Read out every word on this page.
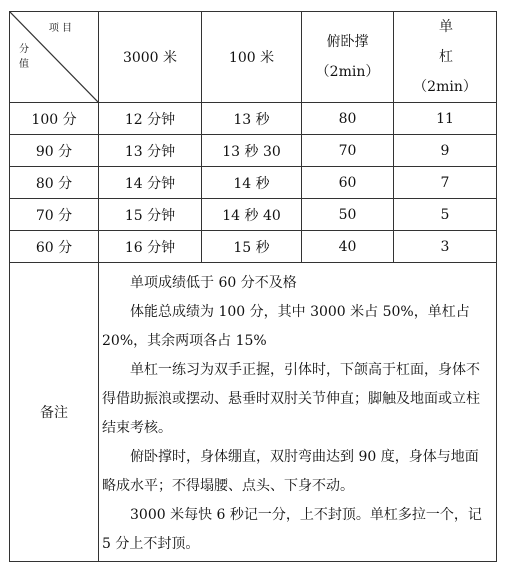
项 目
分
值	3000 米	100 米	俯卧撑
（2min）	单
杠
（2min）

100 分	12 分钟	13 秒	80	11
90 分	13 分钟	13 秒 30	70	9
80 分	14 分钟	14 秒	60	7
70 分	15 分钟	14 秒 40	50	5
60 分	16 分钟	15 秒	40	3
备注	单项成绩低于 60 分不及格

体能总成绩为 100 分，其中 3000 米占 50%，单杠占 20%，其余两项各占 15%

单杠一练习为双手正握，引体时，下颌高于杠面，身体不得借助振浪或摆动、悬垂时双肘关节伸直；脚触及地面或立柱结束考核。

俯卧撑时，身体绷直，双肘弯曲达到 90 度，身体与地面略成水平；不得塌腰、点头、下身不动。

3000 米每快 6 秒记一分，上不封顶。单杠多拉一个，记 5 分上不封顶。			
